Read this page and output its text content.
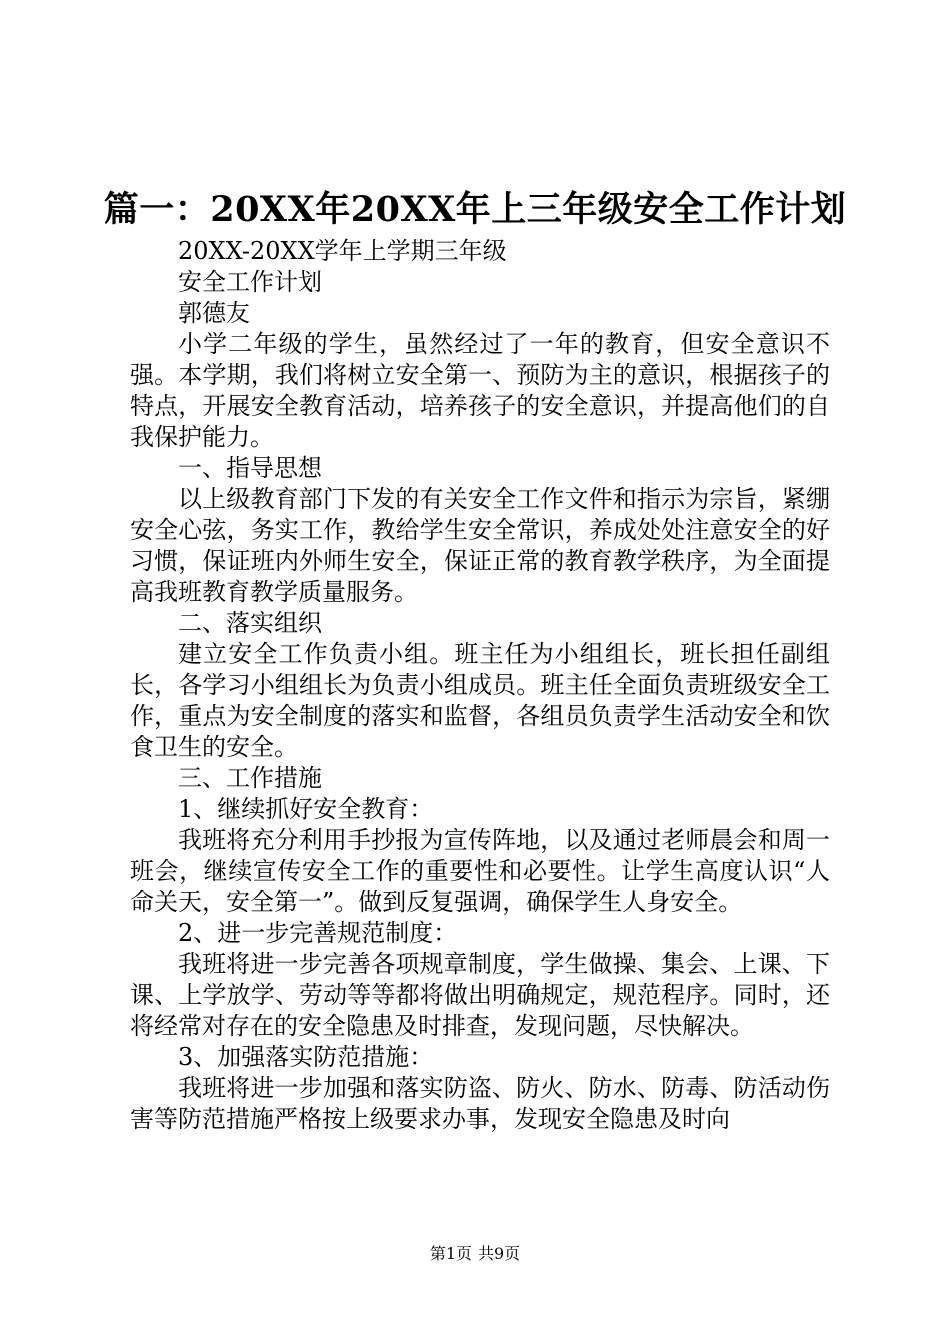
篇一：20XX年20XX年上三年级安全工作计划

20XX-20XX学年上学期三年级

安全工作计划

郭德友

小学二年级的学生，虽然经过了一年的教育，但安全意识不强。本学期，我们将树立安全第一、预防为主的意识，根据孩子的特点，开展安全教育活动，培养孩子的安全意识，并提高他们的自我保护能力。

一、指导思想

以上级教育部门下发的有关安全工作文件和指示为宗旨，紧绷安全心弦，务实工作，教给学生安全常识，养成处处注意安全的好习惯，保证班内外师生安全，保证正常的教育教学秩序，为全面提高我班教育教学质量服务。

二、落实组织

建立安全工作负责小组。班主任为小组组长，班长担任副组长，各学习小组组长为负责小组成员。班主任全面负责班级安全工作，重点为安全制度的落实和监督，各组员负责学生活动安全和饮食卫生的安全。

三、工作措施

1、继续抓好安全教育：

我班将充分利用手抄报为宣传阵地，以及通过老师晨会和周一班会，继续宣传安全工作的重要性和必要性。让学生高度认识“人命关天，安全第一”。做到反复强调，确保学生人身安全。

2、进一步完善规范制度：

我班将进一步完善各项规章制度，学生做操、集会、上课、下课、上学放学、劳动等等都将做出明确规定，规范程序。同时，还将经常对存在的安全隐患及时排查，发现问题，尽快解决。

3、加强落实防范措施：

我班将进一步加强和落实防盗、防火、防水、防毒、防活动伤害等防范措施严格按上级要求办事，发现安全隐患及时向

第1页 共9页
